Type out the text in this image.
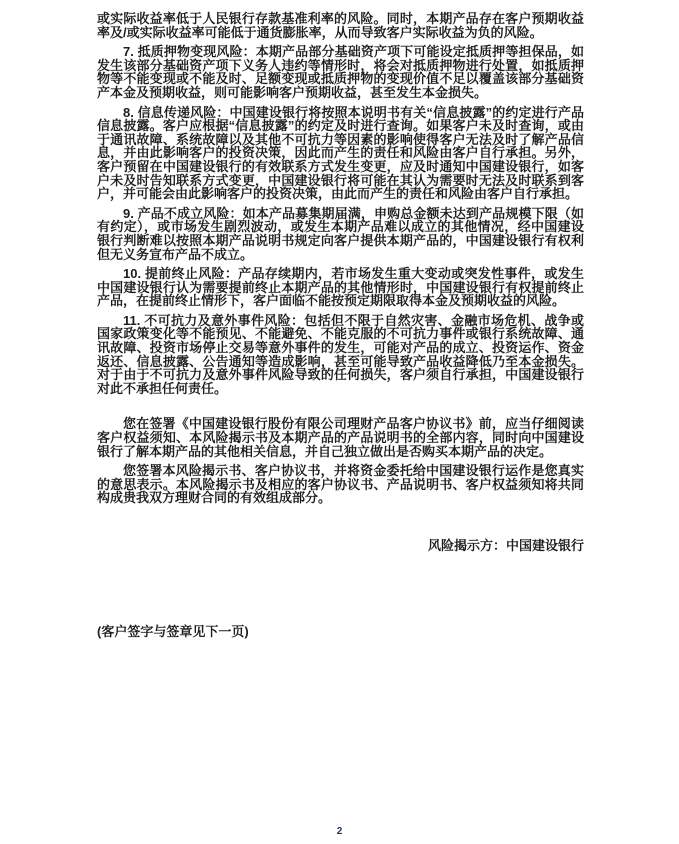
或实际收益率低于人民银行存款基准利率的风险。同时，本期产品存在客户预期收益率及/或实际收益率可能低于通货膨胀率，从而导致客户实际收益为负的风险。

7. 抵质押物变现风险：本期产品部分基础资产项下可能设定抵质押等担保品，如发生该部分基础资产项下义务人违约等情形时，将会对抵质押物进行处置，如抵质押物等不能变现或不能及时、足额变现或抵质押物的变现价值不足以覆盖该部分基础资产本金及预期收益，则可能影响客户预期收益，甚至发生本金损失。

8. 信息传递风险：中国建设银行将按照本说明书有关“信息披露”的约定进行产品信息披露。客户应根据“信息披露”的约定及时进行查询。如果客户未及时查询，或由于通讯故障、系统故障以及其他不可抗力等因素的影响使得客户无法及时了解产品信息，并由此影响客户的投资决策，因此而产生的责任和风险由客户自行承担。另外，客户预留在中国建设银行的有效联系方式发生变更，应及时通知中国建设银行，如客户未及时告知联系方式变更，中国建设银行将可能在其认为需要时无法及时联系到客户，并可能会由此影响客户的投资决策，由此而产生的责任和风险由客户自行承担。

9. 产品不成立风险：如本产品募集期届满，申购总金额未达到产品规模下限（如有约定），或市场发生剧烈波动，或发生本期产品难以成立的其他情况，经中国建设银行判断难以按照本期产品说明书规定向客户提供本期产品的，中国建设银行有权利但无义务宣布产品不成立。

10. 提前终止风险：产品存续期内，若市场发生重大变动或突发性事件，或发生中国建设银行认为需要提前终止本期产品的其他情形时，中国建设银行有权提前终止产品，在提前终止情形下，客户面临不能按预定期限取得本金及预期收益的风险。

11. 不可抗力及意外事件风险：包括但不限于自然灾害、金融市场危机、战争或国家政策变化等不能预见、不能避免、不能克服的不可抗力事件或银行系统故障、通讯故障、投资市场停止交易等意外事件的发生，可能对产品的成立、投资运作、资金返还、信息披露、公告通知等造成影响，甚至可能导致产品收益降低乃至本金损失。对于由于不可抗力及意外事件风险导致的任何损失，客户须自行承担，中国建设银行对此不承担任何责任。

您在签署《中国建设银行股份有限公司理财产品客户协议书》前，应当仔细阅读客户权益须知、本风险揭示书及本期产品的产品说明书的全部内容，同时向中国建设银行了解本期产品的其他相关信息，并自己独立做出是否购买本期产品的决定。

您签署本风险揭示书、客户协议书，并将资金委托给中国建设银行运作是您真实的意思表示。本风险揭示书及相应的客户协议书、产品说明书、客户权益须知将共同构成贵我双方理财合同的有效组成部分。

风险揭示方：中国建设银行

(客户签字与签章见下一页)

2
